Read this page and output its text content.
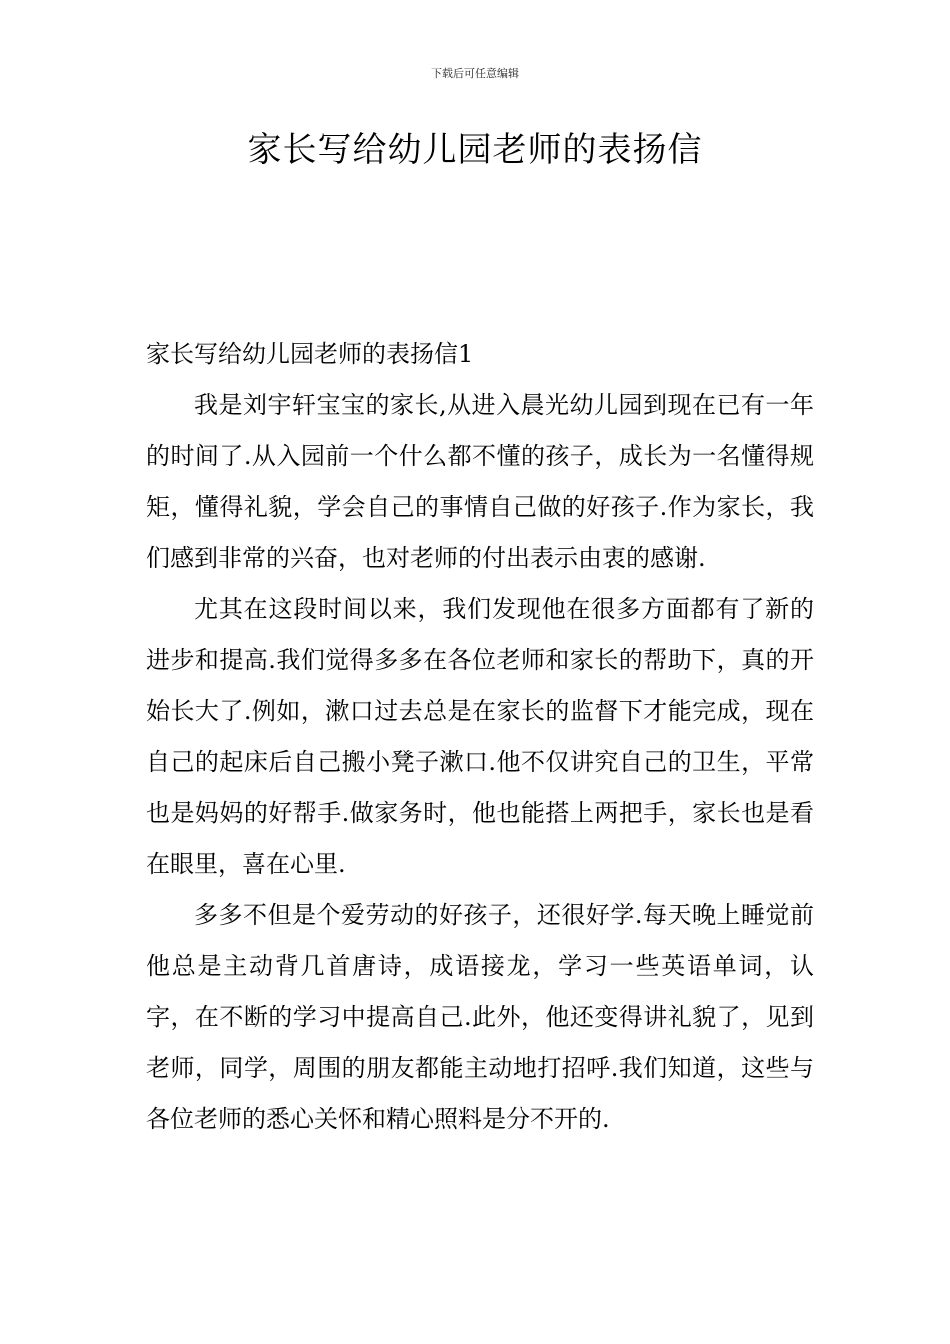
下载后可任意编辑
家长写给幼儿园老师的表扬信
家长写给幼儿园老师的表扬信1

我是刘宇轩宝宝的家长,从进入晨光幼儿园到现在已有一年的时间了.从入园前一个什么都不懂的孩子，成长为一名懂得规矩，懂得礼貌，学会自己的事情自己做的好孩子.作为家长，我们感到非常的兴奋，也对老师的付出表示由衷的感谢.

尤其在这段时间以来，我们发现他在很多方面都有了新的进步和提高.我们觉得多多在各位老师和家长的帮助下，真的开始长大了.例如，漱口过去总是在家长的监督下才能完成，现在自己的起床后自己搬小凳子漱口.他不仅讲究自己的卫生，平常也是妈妈的好帮手.做家务时，他也能搭上两把手，家长也是看在眼里，喜在心里.

多多不但是个爱劳动的好孩子，还很好学.每天晚上睡觉前他总是主动背几首唐诗，成语接龙，学习一些英语单词，认字，在不断的学习中提高自己.此外，他还变得讲礼貌了，见到老师，同学，周围的朋友都能主动地打招呼.我们知道，这些与各位老师的悉心关怀和精心照料是分不开的.
